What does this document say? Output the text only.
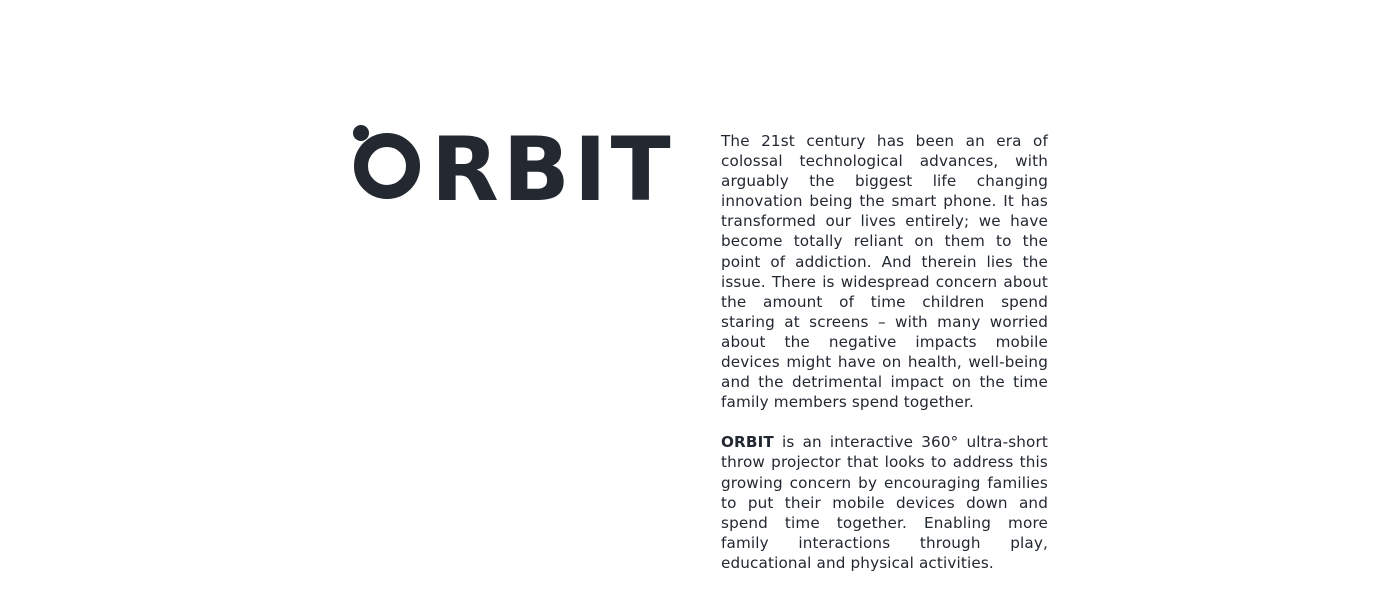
RBIT	The 21st century has been an era of colossal technological advances, with arguably the biggest life changing innovation being the smart phone. It has transformed our lives entirely; we have become totally reliant on them to the point of addiction. And therein lies the issue. There is widespread concern about the amount of time children spend staring at screens – with many worried about the negative impacts mobile devices might have on health, well-being and the detrimental impact on the time family members spend together.

ORBIT is an interactive 360° ultra-short throw projector that looks to address this growing concern by encouraging families to put their mobile devices down and spend time together. Enabling more family interactions through play, educational and physical activities.
